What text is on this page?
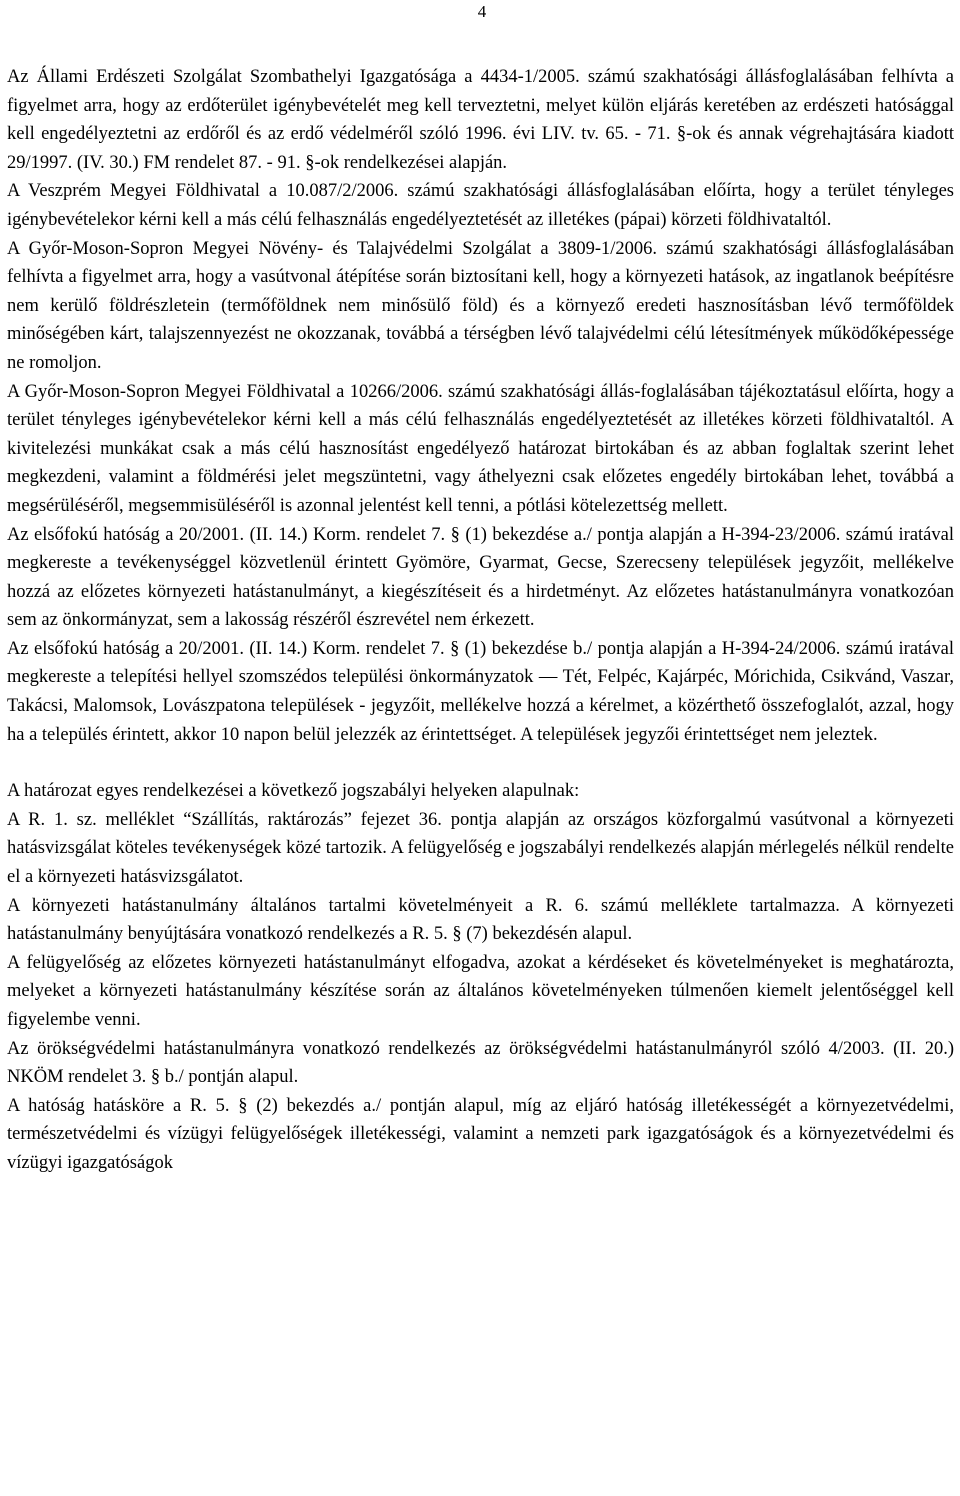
4

Az Állami Erdészeti Szolgálat Szombathelyi Igazgatósága a 4434-1/2005. számú szakhatósági állásfoglalásában felhívta a figyelmet arra, hogy az erdőterület igénybevételét meg kell terveztetni, melyet külön eljárás keretében az erdészeti hatósággal kell engedélyeztetni az erdőről és az erdő védelméről szóló 1996. évi LIV. tv. 65. - 71. §-ok és annak végrehajtására kiadott 29/1997. (IV. 30.) FM rendelet 87. - 91. §-ok rendelkezései alapján.

A Veszprém Megyei Földhivatal a 10.087/2/2006. számú szakhatósági állásfoglalásában előírta, hogy a terület tényleges igénybevételekor kérni kell a más célú felhasználás engedélyeztetését az illetékes (pápai) körzeti földhivataltól.

A Győr-Moson-Sopron Megyei Növény- és Talajvédelmi Szolgálat a 3809-1/2006. számú szakhatósági állásfoglalásában felhívta a figyelmet arra, hogy a vasútvonal átépítése során biztosítani kell, hogy a környezeti hatások, az ingatlanok beépítésre nem kerülő földrészletein (termőföldnek nem minősülő föld) és a környező eredeti hasznosításban lévő termőföldek minőségében kárt, talajszennyezést ne okozzanak, továbbá a térségben lévő talajvédelmi célú létesítmények működőképessége ne romoljon.

A Győr-Moson-Sopron Megyei Földhivatal a 10266/2006. számú szakhatósági állás-foglalásában tájékoztatásul előírta, hogy a terület tényleges igénybevételekor kérni kell a más célú felhasználás engedélyeztetését az illetékes körzeti földhivataltól. A kivitelezési munkákat csak a más célú hasznosítást engedélyező határozat birtokában és az abban foglaltak szerint lehet megkezdeni, valamint a földmérési jelet megszüntetni, vagy áthelyezni csak előzetes engedély birtokában lehet, továbbá a megsérüléséről, megsemmisüléséről is azonnal jelentést kell tenni, a pótlási kötelezettség mellett.

Az elsőfokú hatóság a 20/2001. (II. 14.) Korm. rendelet 7. § (1) bekezdése a./ pontja alapján a H-394-23/2006. számú iratával megkereste a tevékenységgel közvetlenül érintett Gyömöre, Gyarmat, Gecse, Szerecseny települések jegyzőit, mellékelve hozzá az előzetes környezeti hatástanulmányt, a kiegészítéseit és a hirdetményt. Az előzetes hatástanulmányra vonatkozóan sem az önkormányzat, sem a lakosság részéről észrevétel nem érkezett.

Az elsőfokú hatóság a 20/2001. (II. 14.) Korm. rendelet 7. § (1) bekezdése b./ pontja alapján a H-394-24/2006. számú iratával megkereste a telepítési hellyel szomszédos települési önkormányzatok ― Tét, Felpéc, Kajárpéc, Mórichida, Csikvánd, Vaszar, Takácsi, Malomsok, Lovászpatona települések - jegyzőit, mellékelve hozzá a kérelmet, a közérthető összefoglalót, azzal, hogy ha a település érintett, akkor 10 napon belül jelezzék az érintettséget. A települések jegyzői érintettséget nem jeleztek.

A határozat egyes rendelkezései a következő jogszabályi helyeken alapulnak:

A R. 1. sz. melléklet “Szállítás, raktározás” fejezet 36. pontja alapján az országos közforgalmú vasútvonal a környezeti hatásvizsgálat köteles tevékenységek közé tartozik. A felügyelőség e jogszabályi rendelkezés alapján mérlegelés nélkül rendelte el a környezeti hatásvizsgálatot.

A környezeti hatástanulmány általános tartalmi követelményeit a R. 6. számú melléklete tartalmazza. A környezeti hatástanulmány benyújtására vonatkozó rendelkezés a R. 5. § (7) bekezdésén alapul.

A felügyelőség az előzetes környezeti hatástanulmányt elfogadva, azokat a kérdéseket és követelményeket is meghatározta, melyeket a környezeti hatástanulmány készítése során az általános követelményeken túlmenően kiemelt jelentőséggel kell figyelembe venni.

Az örökségvédelmi hatástanulmányra vonatkozó rendelkezés az örökségvédelmi hatástanulmányról szóló 4/2003. (II. 20.) NKÖM rendelet 3. § b./ pontján alapul.

A hatóság hatásköre a R. 5. § (2) bekezdés a./ pontján alapul, míg az eljáró hatóság illetékességét a környezetvédelmi, természetvédelmi és vízügyi felügyelőségek illetékességi, valamint a nemzeti park igazgatóságok és a környezetvédelmi és vízügyi igazgatóságok
